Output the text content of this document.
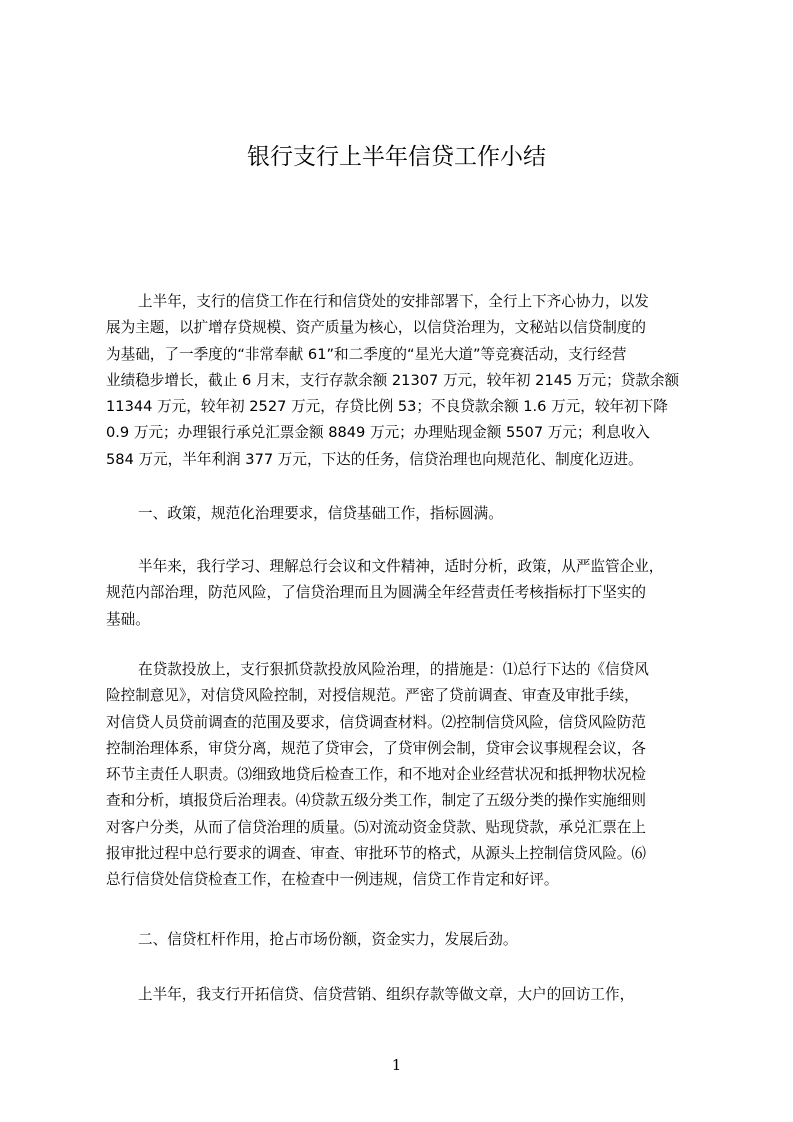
银行支行上半年信贷工作小结
上半年，支行的信贷工作在行和信贷处的安排部署下，全行上下齐心协力，以发
展为主题，以扩增存贷规模、资产质量为核心，以信贷治理为，文秘站以信贷制度的
为基础，了一季度的“非常奉献 61”和二季度的“星光大道”等竞赛活动，支行经营
业绩稳步增长，截止 6 月末，支行存款余额 21307 万元，较年初 2145 万元；贷款余额
11344 万元，较年初 2527 万元，存贷比例 53；不良贷款余额 1.6 万元，较年初下降
0.9 万元；办理银行承兑汇票金额 8849 万元；办理贴现金额 5507 万元；利息收入
584 万元，半年利润 377 万元，下达的任务，信贷治理也向规范化、制度化迈进。
一、政策，规范化治理要求，信贷基础工作，指标圆满。
半年来，我行学习、理解总行会议和文件精神，适时分析，政策，从严监管企业，
规范内部治理，防范风险，了信贷治理而且为圆满全年经营责任考核指标打下坚实的
基础。
在贷款投放上，支行狠抓贷款投放风险治理，的措施是：⑴总行下达的《信贷风
险控制意见》，对信贷风险控制，对授信规范。严密了贷前调查、审查及审批手续，
对信贷人员贷前调查的范围及要求，信贷调查材料。⑵控制信贷风险，信贷风险防范
控制治理体系，审贷分离，规范了贷审会，了贷审例会制，贷审会议事规程会议，各
环节主责任人职责。⑶细致地贷后检查工作，和不地对企业经营状况和抵押物状况检
查和分析，填报贷后治理表。⑷贷款五级分类工作，制定了五级分类的操作实施细则
对客户分类，从而了信贷治理的质量。⑸对流动资金贷款、贴现贷款，承兑汇票在上
报审批过程中总行要求的调查、审查、审批环节的格式，从源头上控制信贷风险。⑹
总行信贷处信贷检查工作，在检查中一例违规，信贷工作肯定和好评。
二、信贷杠杆作用，抢占市场份额，资金实力，发展后劲。
上半年，我支行开拓信贷、信贷营销、组织存款等做文章，大户的回访工作，
1
